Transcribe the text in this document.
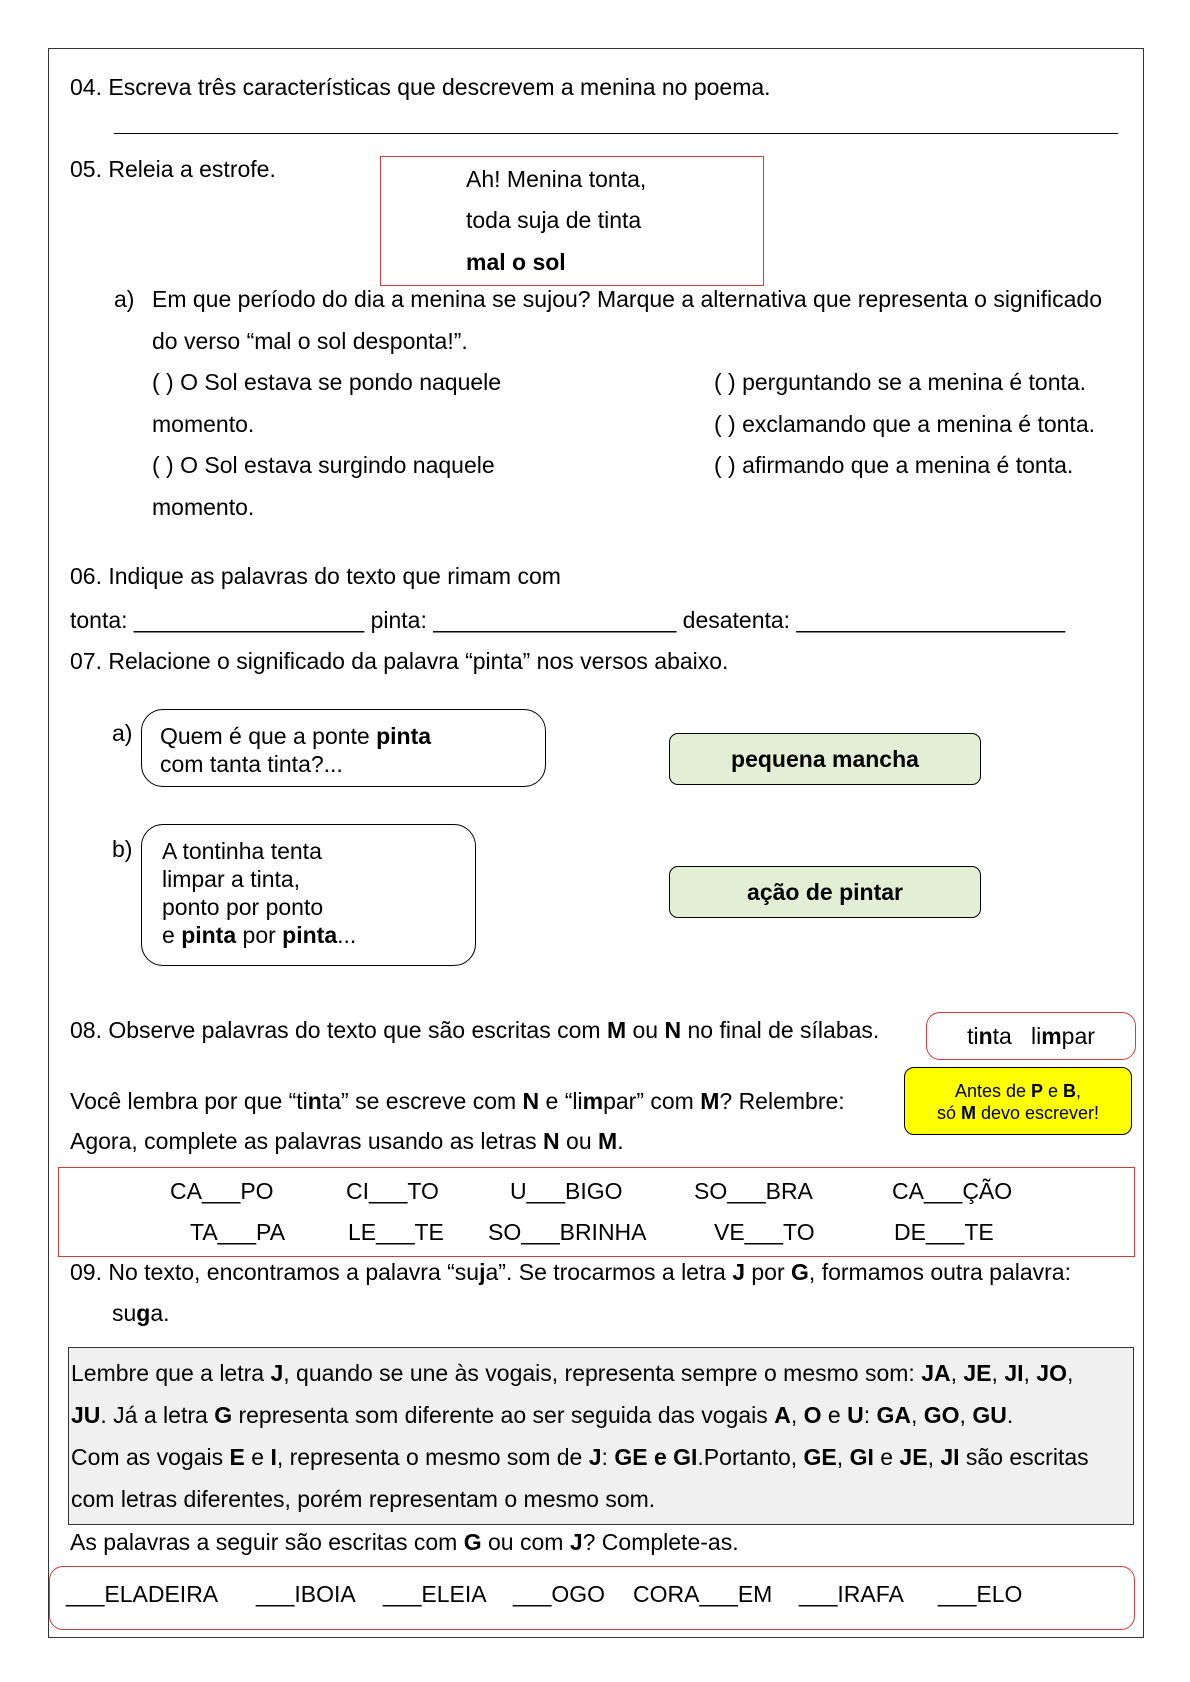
04. Escreva três características que descrevem a menina no poema.
05. Releia a estrofe.	Ah! Menina tonta,
toda suja de tinta
mal o sol
a) Em que período do dia a menina se sujou? Marque a alternativa que representa o significado
do verso “mal o sol desponta!”.
( ) O Sol estava se pondo naquele
momento.
( ) O Sol estava surgindo naquele
momento.
( ) perguntando se a menina é tonta.
( ) exclamando que a menina é tonta.
( ) afirmando que a menina é tonta.
06. Indique as palavras do texto que rimam com
tonta: __________________ pinta: ___________________ desatenta: _____________________
07. Relacione o significado da palavra “pinta” nos versos abaixo.
a) Quem é que a ponte pinta
com tanta tinta?...
b) A tontinha tenta
limpar a tinta,
ponto por ponto
e pinta por pinta...
pequena mancha
ação de pintar
08. Observe palavras do texto que são escritas com M ou N no final de sílabas.	tinta   limpar
Você lembra por que “tinta” se escreve com N e “limpar” com M? Relembre:	Antes de P e B,
só M devo escrever!
Agora, complete as palavras usando as letras N ou M.
CA___PO	CI___TO	U___BIGO	SO___BRA	CA___ÇÃO
TA___PA	LE___TE SO___BRINHA	VE___TO	DE___TE
09. No texto, encontramos a palavra “suja”. Se trocarmos a letra J por G, formamos outra palavra:
suga.

Lembre que a letra J, quando se une às vogais, representa sempre o mesmo som: JA, JE, JI, JO,

JU. Já a letra G representa som diferente ao ser seguida das vogais A, O e U: GA, GO, GU.

Com as vogais E e I, representa o mesmo som de J: GE e GI.Portanto, GE, GI e JE, JI são escritas

com letras diferentes, porém representam o mesmo som.

As palavras a seguir são escritas com G ou com J? Complete-as.
___ELADEIRA ___IBOIA ___ELEIA ___OGO CORA___EM ___IRAFA ___ELO
